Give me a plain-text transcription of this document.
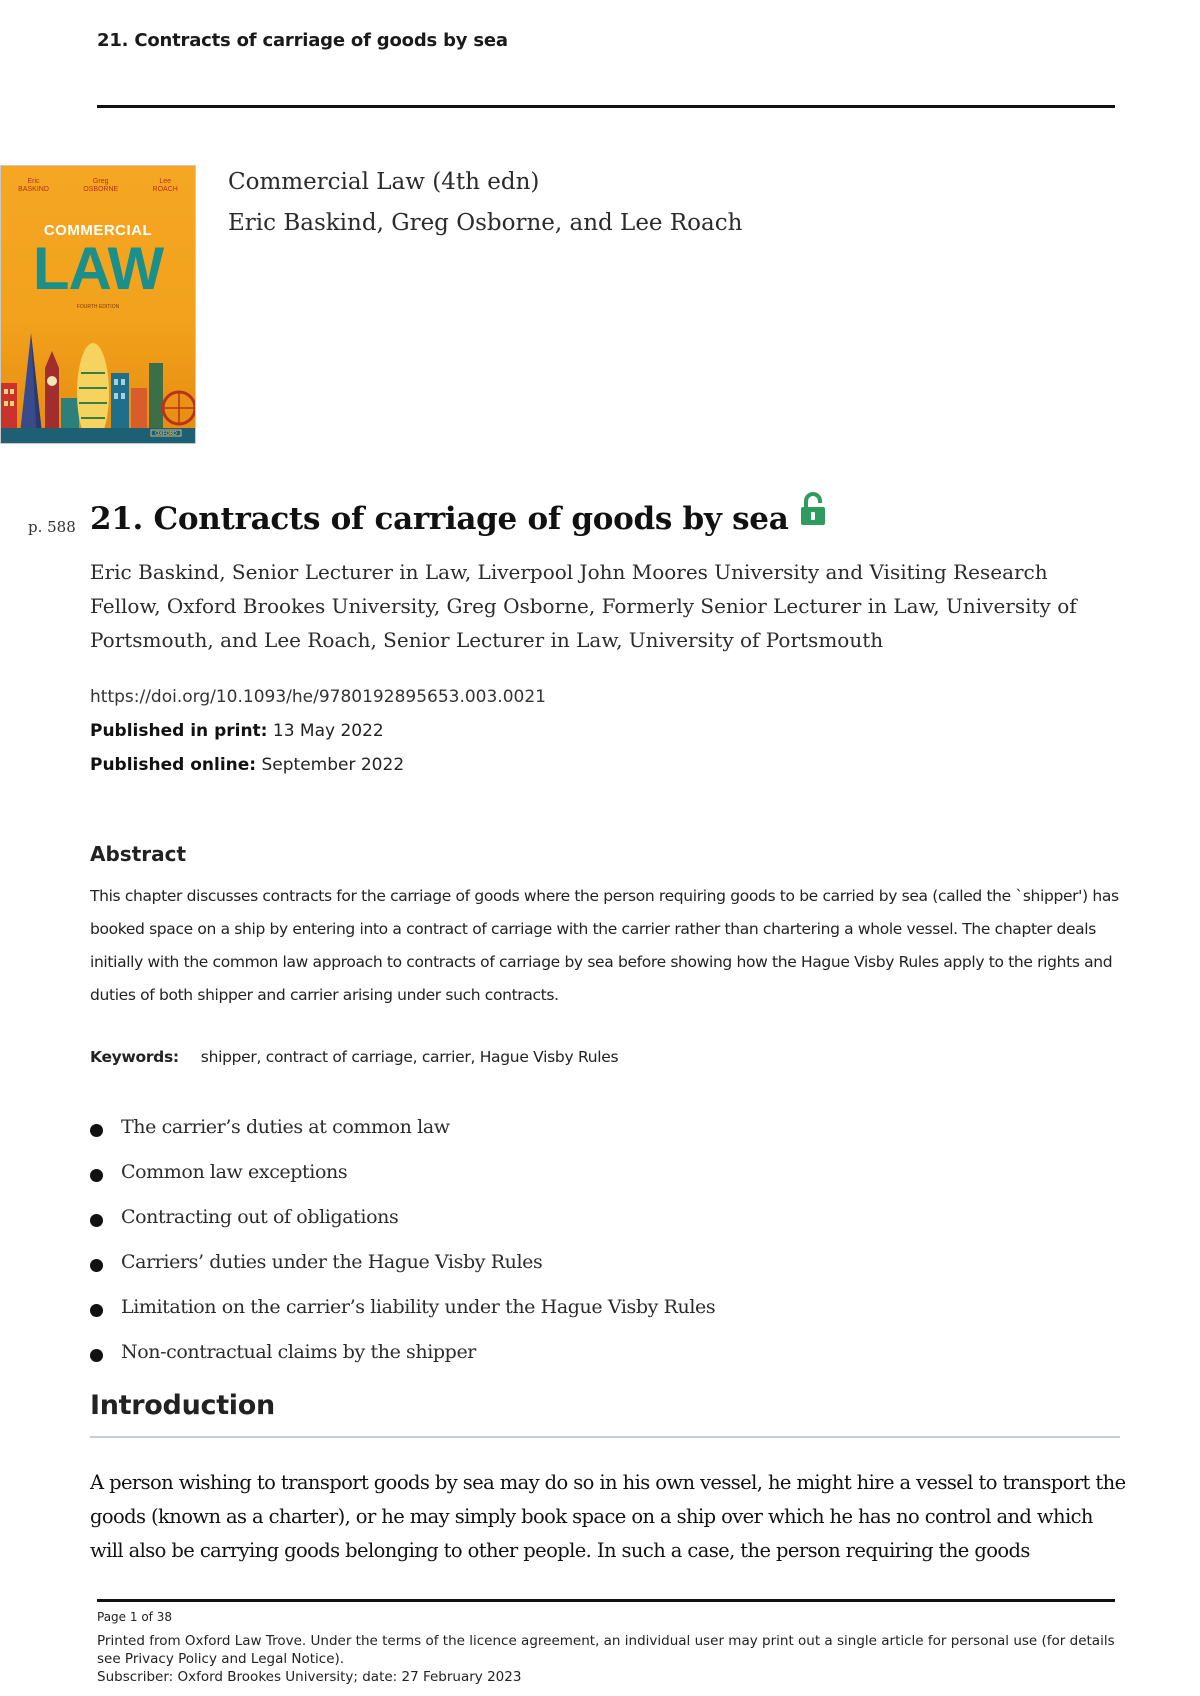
21. Contracts of carriage of goods by sea
Eric
BASKIND
Greg
OSBORNE
Lee
ROACH
COMMERCIAL
LAW
FOURTH EDITION
OXFORD
Commercial Law (4th edn)
Eric Baskind, Greg Osborne, and Lee Roach
p. 588 21. Contracts of carriage of goods by sea
Eric Baskind, Senior Lecturer in Law, Liverpool John Moores University and Visiting Research Fellow, Oxford Brookes University, Greg Osborne, Formerly Senior Lecturer in Law, University of Portsmouth, and Lee Roach, Senior Lecturer in Law, University of Portsmouth
https://doi.org/10.1093/he/9780192895653.003.0021
Published in print: 13 May 2022
Published online: September 2022
Abstract
This chapter discusses contracts for the carriage of goods where the person requiring goods to be carried by sea (called the `shipper') has booked space on a ship by entering into a contract of carriage with the carrier rather than chartering a whole vessel. The chapter deals initially with the common law approach to contracts of carriage by sea before showing how the Hague Visby Rules apply to the rights and duties of both shipper and carrier arising under such contracts.
Keywords: shipper, contract of carriage, carrier, Hague Visby Rules
The carrier’s duties at common law
Common law exceptions
Contracting out of obligations
Carriers’ duties under the Hague Visby Rules
Limitation on the carrier’s liability under the Hague Visby Rules
Non-contractual claims by the shipper
Introduction
A person wishing to transport goods by sea may do so in his own vessel, he might hire a vessel to transport the goods (known as a charter), or he may simply book space on a ship over which he has no control and which will also be carrying goods belonging to other people. In such a case, the person requiring the goods
Page 1 of 38
Printed from Oxford Law Trove. Under the terms of the licence agreement, an individual user may print out a single article for personal use (for details see Privacy Policy and Legal Notice).
Subscriber: Oxford Brookes University; date: 27 February 2023
